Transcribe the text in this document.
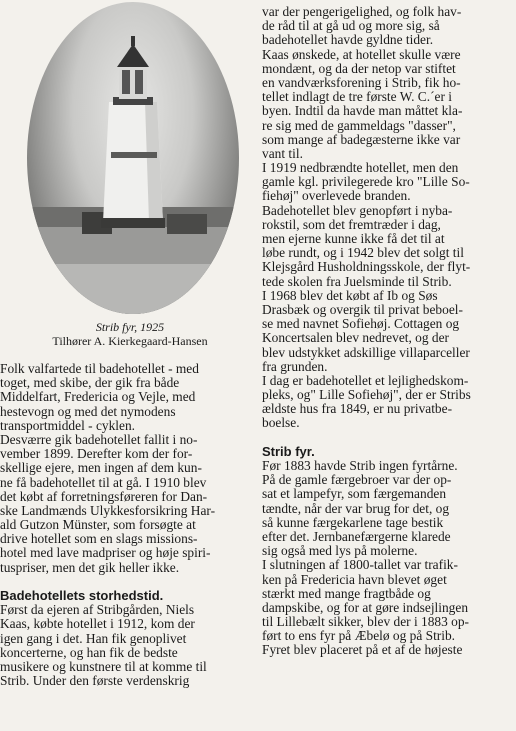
Strib fyr, 1925
Tilhører A. Kierkegaard-Hansen
Folk valfartede til badehotellet - med
toget, med skibe, der gik fra både
Middelfart, Fredericia og Vejle, med
hestevogn og med det nymodens
transportmiddel - cyklen.
Desværre gik badehotellet fallit i no-
vember 1899. Derefter kom der for-
skellige ejere, men ingen af dem kun-
ne få badehotellet til at gå. I 1910 blev
det købt af forretningsføreren for Dan-
ske Landmænds Ulykkesforsikring Har-
ald Gutzon Münster, som forsøgte at
drive hotellet som en slags missions-
hotel med lave madpriser og høje spiri-
tuspriser, men det gik heller ikke.
Badehotellets storhedstid.
Først da ejeren af Stribgården, Niels
Kaas, købte hotellet i 1912, kom der
igen gang i det. Han fik genoplivet
koncerterne, og han fik de bedste
musikere og kunstnere til at komme til
Strib. Under den første verdenskrig
var der pengerigelighed, og folk hav-
de råd til at gå ud og more sig, så
badehotellet havde gyldne tider.
Kaas ønskede, at hotellet skulle være
mondænt, og da der netop var stiftet
en vandværksforening i Strib, fik ho-
tellet indlagt de tre første W. C.´er i
byen. Indtil da havde man måttet kla-
re sig med de gammeldags "dasser",
som mange af badegæsterne ikke var
vant til.
I 1919 nedbrændte hotellet, men den
gamle kgl. privilegerede kro "Lille So-
fiehøj" overlevede branden.
Badehotellet blev genopført i nyba-
rokstil, som det fremtræder i dag,
men ejerne kunne ikke få det til at
løbe rundt, og i 1942 blev det solgt til
Klejsgård Husholdningsskole, der flyt-
tede skolen fra Juelsminde til Strib.
I 1968 blev det købt af Ib og Søs
Drasbæk og overgik til privat beboel-
se med navnet Sofiehøj. Cottagen og
Koncertsalen blev nedrevet, og der
blev udstykket adskillige villaparceller
fra grunden.
I dag er badehotellet et lejlighedskom-
pleks, og" Lille Sofiehøj", der er Stribs
ældste hus fra 1849, er nu privatbe-
boelse.
Strib fyr.
Før 1883 havde Strib ingen fyrtårne.
På de gamle færgebroer var der op-
sat et lampefyr, som færgemanden
tændte, når der var brug for det, og
så kunne færgekarlene tage bestik
efter det. Jernbanefærgerne klarede
sig også med lys på molerne.
I slutningen af 1800-tallet var trafik-
ken på Fredericia havn blevet øget
stærkt med mange fragtbåde og
dampskibe, og for at gøre indsejlingen
til Lillebælt sikker, blev der i 1883 op-
ført to ens fyr på Æbelø og på Strib.
Fyret blev placeret på et af de højeste
